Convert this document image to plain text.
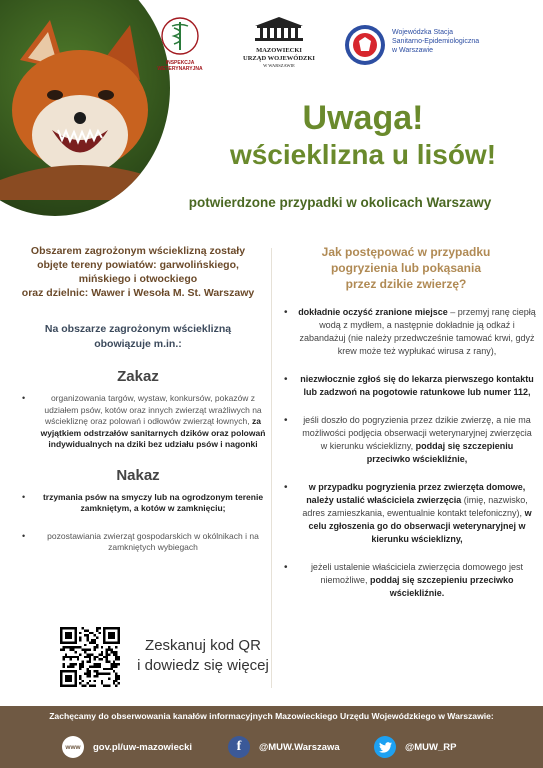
INSPEKCJA
WETERYNARYJNA
MAZOWIECKI
URZĄD WOJEWÓDZKI
W WARSZAWIE
Wojewódzka Stacja
Sanitarno-Epidemiologiczna
w Warszawie
Uwaga!
wścieklizna u lisów!
potwierdzone przypadki w okolicach Warszawy
Obszarem zagrożonym wścieklizną zostały
objęte tereny powiatów: garwolińskiego,
mińskiego i otwockiego
oraz dzielnic: Wawer i Wesoła M. St. Warszawy
Na obszarze zagrożonym wścieklizną
obowiązuje m.in.:
Zakaz
• organizowania targów, wystaw, konkursów, pokazów z udziałem psów, kotów oraz innych zwierząt wrażliwych na wściekliznę oraz polowań i odłowów zwierząt łownych, za wyjątkiem odstrzałów sanitarnych dzików oraz polowań indywidualnych na dziki bez udziału psów i nagonki
Nakaz
• trzymania psów na smyczy lub na ogrodzonym terenie zamkniętym, a kotów w zamknięciu;
• pozostawiania zwierząt gospodarskich w okólnikach i na zamkniętych wybiegach
Zeskanuj kod QR
i dowiedz się więcej
Jak postępować w przypadku
pogryzienia lub pokąsania
przez dzikie zwierzę?
• dokładnie oczyść zranione miejsce – przemyj ranę ciepłą wodą z mydłem, a następnie dokładnie ją odkaź i zabandażuj (nie należy przedwcześnie tamować krwi, gdyż krew może też wypłukać wirusa z rany),
• niezwłocznie zgłoś się do lekarza pierwszego kontaktu lub zadzwoń na pogotowie ratunkowe lub numer 112,
• jeśli doszło do pogryzienia przez dzikie zwierzę, a nie ma możliwości podjęcia obserwacji weterynaryjnej zwierzęcia w kierunku wścieklizny, poddaj się szczepieniu przeciwko wściekliźnie,
• w przypadku pogryzienia przez zwierzęta domowe, należy ustalić właściciela zwierzęcia (imię, nazwisko, adres zamieszkania, ewentualnie kontakt telefoniczny), w celu zgłoszenia go do obserwacji weterynaryjnej w kierunku wścieklizny,
• jeżeli ustalenie właściciela zwierzęcia domowego jest niemożliwe, poddaj się szczepieniu przeciwko wściekliźnie.
Zachęcamy do obserwowania kanałów informacyjnych Mazowieckiego Urzędu Wojewódzkiego w Warszawie:
www gov.pl/uw-mazowiecki	f @MUW.Warszawa	@MUW_RP
